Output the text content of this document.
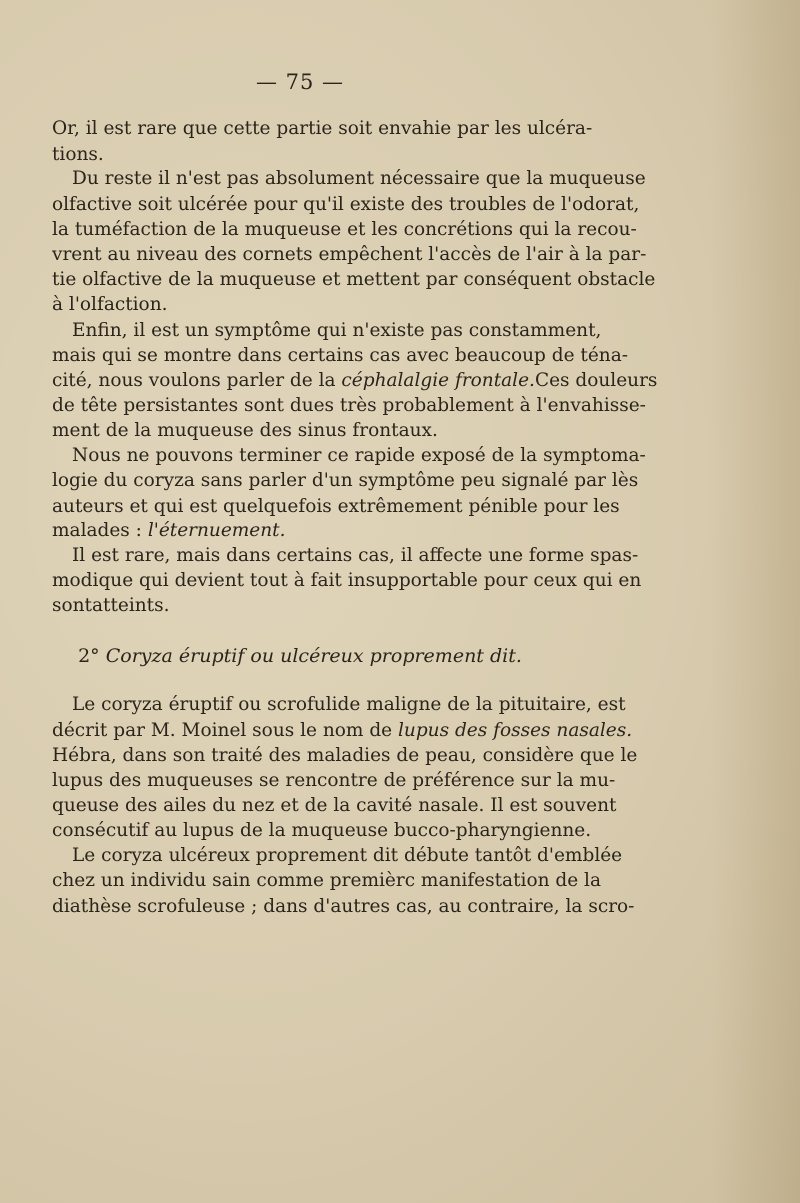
— 75 —
Or, il est rare que cette partie soit envahie par les ulcéra-
tions.
Du reste il n'est pas absolument nécessaire que la muqueuse
olfactive soit ulcérée pour qu'il existe des troubles de l'odorat,
la tuméfaction de la muqueuse et les concrétions qui la recou-
vrent au niveau des cornets empêchent l'accès de l'air à la par-
tie olfactive de la muqueuse et mettent par conséquent obstacle
à l'olfaction.
Enfin, il est un symptôme qui n'existe pas constamment,
mais qui se montre dans certains cas avec beaucoup de téna-
cité, nous voulons parler de la céphalalgie frontale.Ces douleurs
de tête persistantes sont dues très probablement à l'envahisse-
ment de la muqueuse des sinus frontaux.
Nous ne pouvons terminer ce rapide exposé de la symptoma-
logie du coryza sans parler d'un symptôme peu signalé par lès
auteurs et qui est quelquefois extrêmement pénible pour les
malades : l'éternuement.
Il est rare, mais dans certains cas, il affecte une forme spas-
modique qui devient tout à fait insupportable pour ceux qui en
sontatteints.
2° Coryza éruptif ou ulcéreux proprement dit.
Le coryza éruptif ou scrofulide maligne de la pituitaire, est
décrit par M. Moinel sous le nom de lupus des fosses nasales.
Hébra, dans son traité des maladies de peau, considère que le
lupus des muqueuses se rencontre de préférence sur la mu-
queuse des ailes du nez et de la cavité nasale. Il est souvent
consécutif au lupus de la muqueuse bucco-pharyngienne.
Le coryza ulcéreux proprement dit débute tantôt d'emblée
chez un individu sain comme premièrc manifestation de la
diathèse scrofuleuse ; dans d'autres cas, au contraire, la scro-
